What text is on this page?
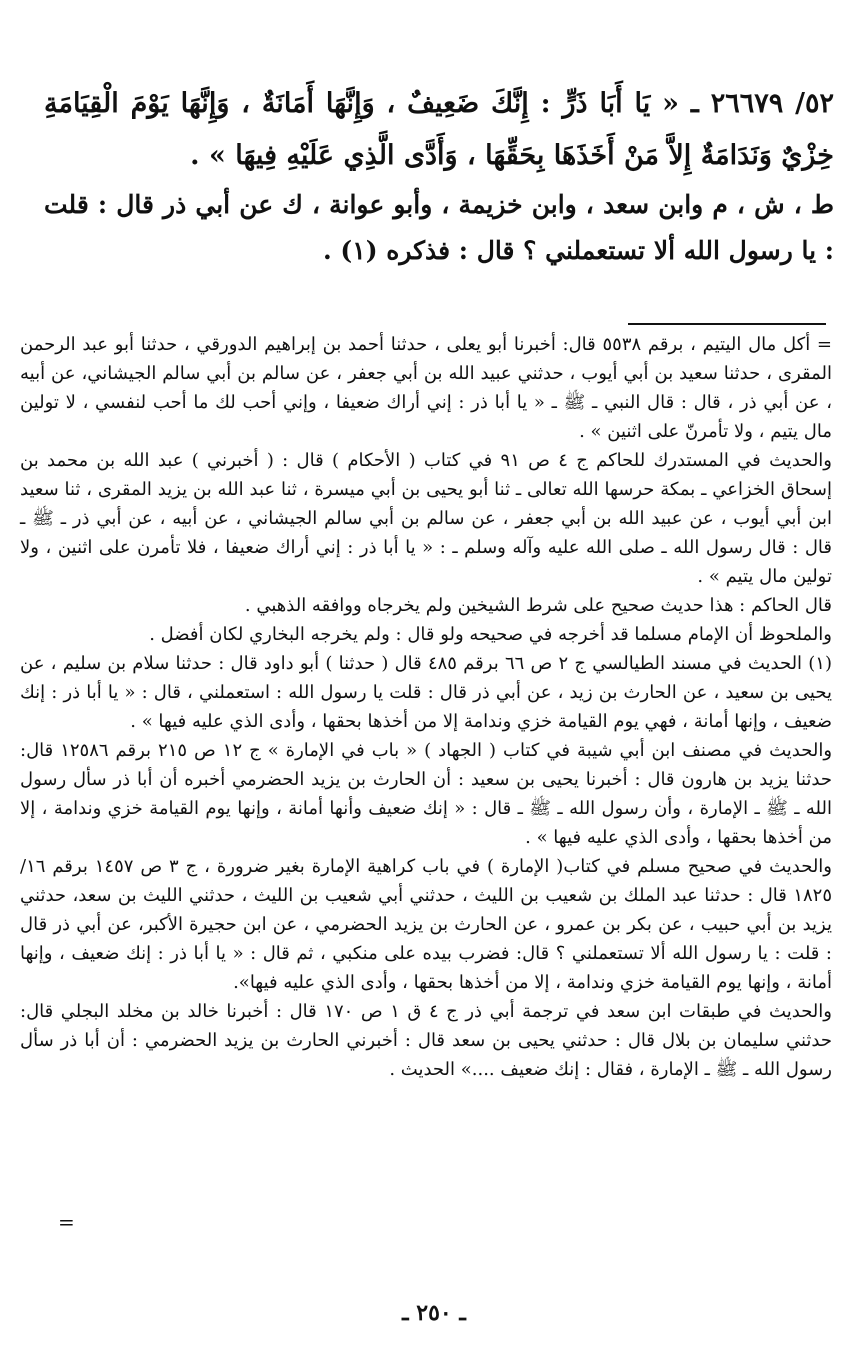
٥٢/ ٢٦٦٧٩ ـ « يَا أَبَا ذَرٍّ : إِنَّكَ ضَعِيفٌ ، وَإِنَّهَا أَمَانَةٌ ، وَإِنَّهَا يَوْمَ الْقِيَامَةِ خِزْيٌ وَنَدَامَةٌ إِلاَّ مَنْ أَخَذَهَا بِحَقِّهَا ، وَأَدَّى الَّذِي عَلَيْهِ فِيهَا » .

ط ، ش ، م وابن سعد ، وابن خزيمة ، وأبو عوانة ، ك عن أبي ذر قال : قلت : يا رسول الله ألا تستعملني ؟ قال : فذكره (١) .

= أكل مال اليتيم ، برقم ٥٥٣٨ قال: أخبرنا أبو يعلى ، حدثنا أحمد بن إبراهيم الدورقي ، حدثنا أبو عبد الرحمن المقرى ، حدثنا سعيد بن أبي أيوب ، حدثني عبيد الله بن أبي جعفر ، عن سالم بن أبي سالم الجيشاني، عن أبيه ، عن أبي ذر ، قال : قال النبي ـ ﷺ ـ « يا أبا ذر : إني أراك ضعيفا ، وإني أحب لك ما أحب لنفسي ، لا تولين مال يتيم ، ولا تأمرنّ على اثنين » .

والحديث في المستدرك للحاكم ج ٤ ص ٩١ في كتاب ( الأحكام ) قال : ( أخبرني ) عبد الله بن محمد بن إسحاق الخزاعي ـ بمكة حرسها الله تعالى ـ ثنا أبو يحيى بن أبي ميسرة ، ثنا عبد الله بن يزيد المقرى ، ثنا سعيد ابن أبي أيوب ، عن عبيد الله بن أبي جعفر ، عن سالم بن أبي سالم الجيشاني ، عن أبيه ، عن أبي ذر ـ ﷺ ـ قال : قال رسول الله ـ صلى الله عليه وآله وسلم ـ : « يا أبا ذر : إني أراك ضعيفا ، فلا تأمرن على اثنين ، ولا تولين مال يتيم » .

قال الحاكم : هذا حديث صحيح على شرط الشيخين ولم يخرجاه ووافقه الذهبي .

والملحوظ أن الإمام مسلما قد أخرجه في صحيحه ولو قال : ولم يخرجه البخاري لكان أفضل .

(١) الحديث في مسند الطيالسي ج ٢ ص ٦٦ برقم ٤٨٥ قال ( حدثنا ) أبو داود قال : حدثنا سلام بن سليم ، عن يحيى بن سعيد ، عن الحارث بن زيد ، عن أبي ذر قال : قلت يا رسول الله : استعملني ، قال : « يا أبا ذر : إنك ضعيف ، وإنها أمانة ، فهي يوم القيامة خزي وندامة إلا من أخذها بحقها ، وأدى الذي عليه فيها » .

والحديث في مصنف ابن أبي شيبة في كتاب ( الجهاد ) « باب في الإمارة » ج ١٢ ص ٢١٥ برقم ١٢٥٨٦ قال: حدثنا يزيد بن هارون قال : أخبرنا يحيى بن سعيد : أن الحارث بن يزيد الحضرمي أخبره أن أبا ذر سأل رسول الله ـ ﷺ ـ الإمارة ، وأن رسول الله ـ ﷺ ـ قال : « إنك ضعيف وأنها أمانة ، وإنها يوم القيامة خزي وندامة ، إلا من أخذها بحقها ، وأدى الذي عليه فيها » .

والحديث في صحيح مسلم في كتاب( الإمارة ) في باب كراهية الإمارة بغير ضرورة ، ج ٣ ص ١٤٥٧ برقم ١٦/ ١٨٢٥ قال : حدثنا عبد الملك بن شعيب بن الليث ، حدثني أبي شعيب بن الليث ، حدثني الليث بن سعد، حدثني يزيد بن أبي حبيب ، عن بكر بن عمرو ، عن الحارث بن يزيد الحضرمي ، عن ابن حجيرة الأكبر، عن أبي ذر قال : قلت : يا رسول الله ألا تستعملني ؟ قال: فضرب بيده على منكبي ، ثم قال : « يا أبا ذر : إنك ضعيف ، وإنها أمانة ، وإنها يوم القيامة خزي وندامة ، إلا من أخذها بحقها ، وأدى الذي عليه فيها».

والحديث في طبقات ابن سعد في ترجمة أبي ذر ج ٤ ق ١ ص ١٧٠ قال : أخبرنا خالد بن مخلد البجلي قال: حدثني سليمان بن بلال قال : حدثني يحيى بن سعد قال : أخبرني الحارث بن يزيد الحضرمي : أن أبا ذر سأل رسول الله ـ ﷺ ـ الإمارة ، فقال : إنك ضعيف ....» الحديث .

=
ـ ٢٥٠ ـ
